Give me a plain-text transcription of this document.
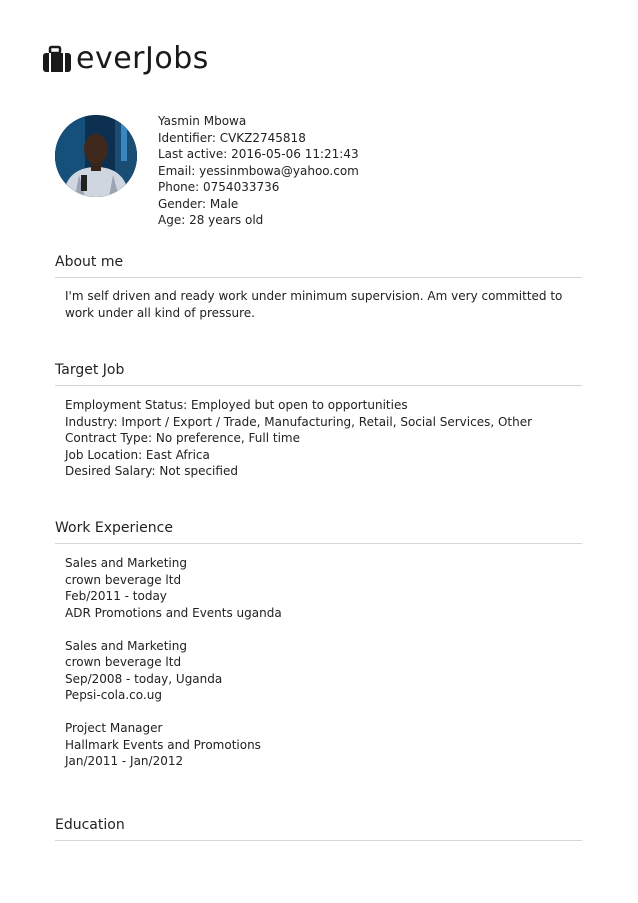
everJobs
Yasmin Mbowa
Identifier: CVKZ2745818
Last active: 2016-05-06 11:21:43
Email: yessinmbowa@yahoo.com
Phone: 0754033736
Gender: Male
Age: 28 years old
About me

I'm self driven and ready work under minimum supervision. Am very committed to work under all kind of pressure.

Target Job
Employment Status: Employed but open to opportunities
Industry: Import / Export / Trade, Manufacturing, Retail, Social Services, Other
Contract Type: No preference, Full time
Job Location: East Africa
Desired Salary: Not specified
Work Experience
Sales and Marketing
crown beverage ltd
Feb/2011 - today
ADR Promotions and Events uganda
Sales and Marketing
crown beverage ltd
Sep/2008 - today, Uganda
Pepsi-cola.co.ug
Project Manager
Hallmark Events and Promotions
Jan/2011 - Jan/2012
Education
